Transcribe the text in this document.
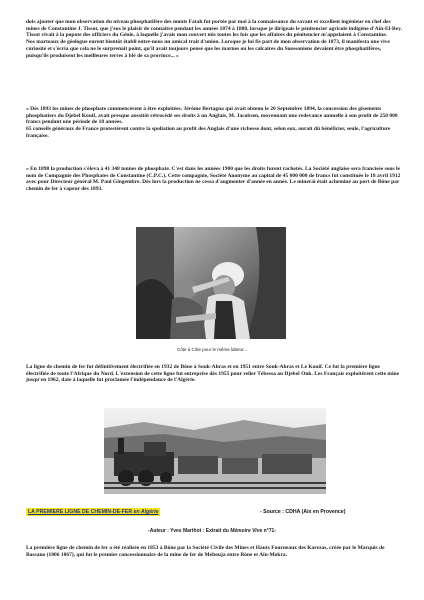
dois ajouter que mon observation du niveau phosphatifère des monts Fatah fut portée par moi à la connaissance du savant et excellent ingénieur en chef des mines de Constantine J. Tissot, que j'eus le plaisir de connaître pendant les années 1874 à 1880, lorsque je dirigeais le pénitencier agricole indigène d'Aïn-El-Bey. Tissot vivait à la popote des officiers du Génie, à laquelle j'avais mon couvert mis toutes les fois que les affaires du pénitencier m'appelaient à Constantine.
Nos marteaux de géologue eurent bientôt établi entre-nous un amical trait d'union. Lorsque je lui fis part de mon observation de 1873, il manifesta une vive curiosité et s'écria que cela ne le surprenait point, qu'il avait toujours pensé que les marnes ou les calcaires du Suessoniens devaient être phosphatifères, puisqu'ils produisent les meilleures terres à blé de sa province... »

« Dès 1893 les mines de phosphate commencèrent à être exploitées. Jérôme Bertagna qui avait obtenu le 20 Septembre 1894, la concession des gisements phosphatiers du Djebel Kouif, avait presque aussitôt rétrocédé ses droits à un Anglais, M. Jacobsen, moyennant une redevance annuelle à son profit de 250 000 francs pendant une période de 18 années.
65 conseils généraux de France protestèrent contre la spoliation au profit des Anglais d'une richesse dont, selon eux, aurait dû bénéficier, seule, l'agriculture française.

« En 1898 la production s'éleva à 41 348 tonnes de phosphate. C'est dans les années 1900 que les droits furent rachetés. La Société anglaise sera francisée sous le nom de Compagnie des Phosphates de Constantine (C.P.C.). Cette compagnie, Société Anonyme au capital de 45 000 000 de francs fut constituée le 18 avril 1912 avec pour Directeur général M. Paul Gingembre. Dès lors la production ne cessa d'augmenter d'année en année. Le minerai était acheminé au port de Bône par chemin de fer à vapeur dès 1893.

Côte à Côte pour le même labeur...

La ligne de chemin de fer fut définitivement électrifiée en 1932 de Bône à Souk-Ahras et en 1951 entre Souk-Ahras et Le Kouif. Ce fut la première ligne électrifiée de toute l'Afrique du Nord. L'extension de cette ligne fut entreprise dès 1955 pour relier Tébessa au Djebel Onk. Les Français exploitèrent cette mine jusqu'en 1962, date à laquelle fut proclamée l'indépendance de l'Algérie.

LA PREMIERE LIGNE DE CHEMIN-DE-FER en Algérie	- Source : CDHA (Aix en Provence)
-Auteur : Yves Marthot : Extrait du Mémoire Vive n°71-

La première ligne de chemin de fer a été réalisée en 1853 à Bône par la Société Civile des Mines et Hauts Fourneaux des Karezas, créée par le Marquis de Bassano (1806 1867), qui fut le premier concessionnaire de la mine de fer de Mebouja entre Bône et Aïn-Mokra.
